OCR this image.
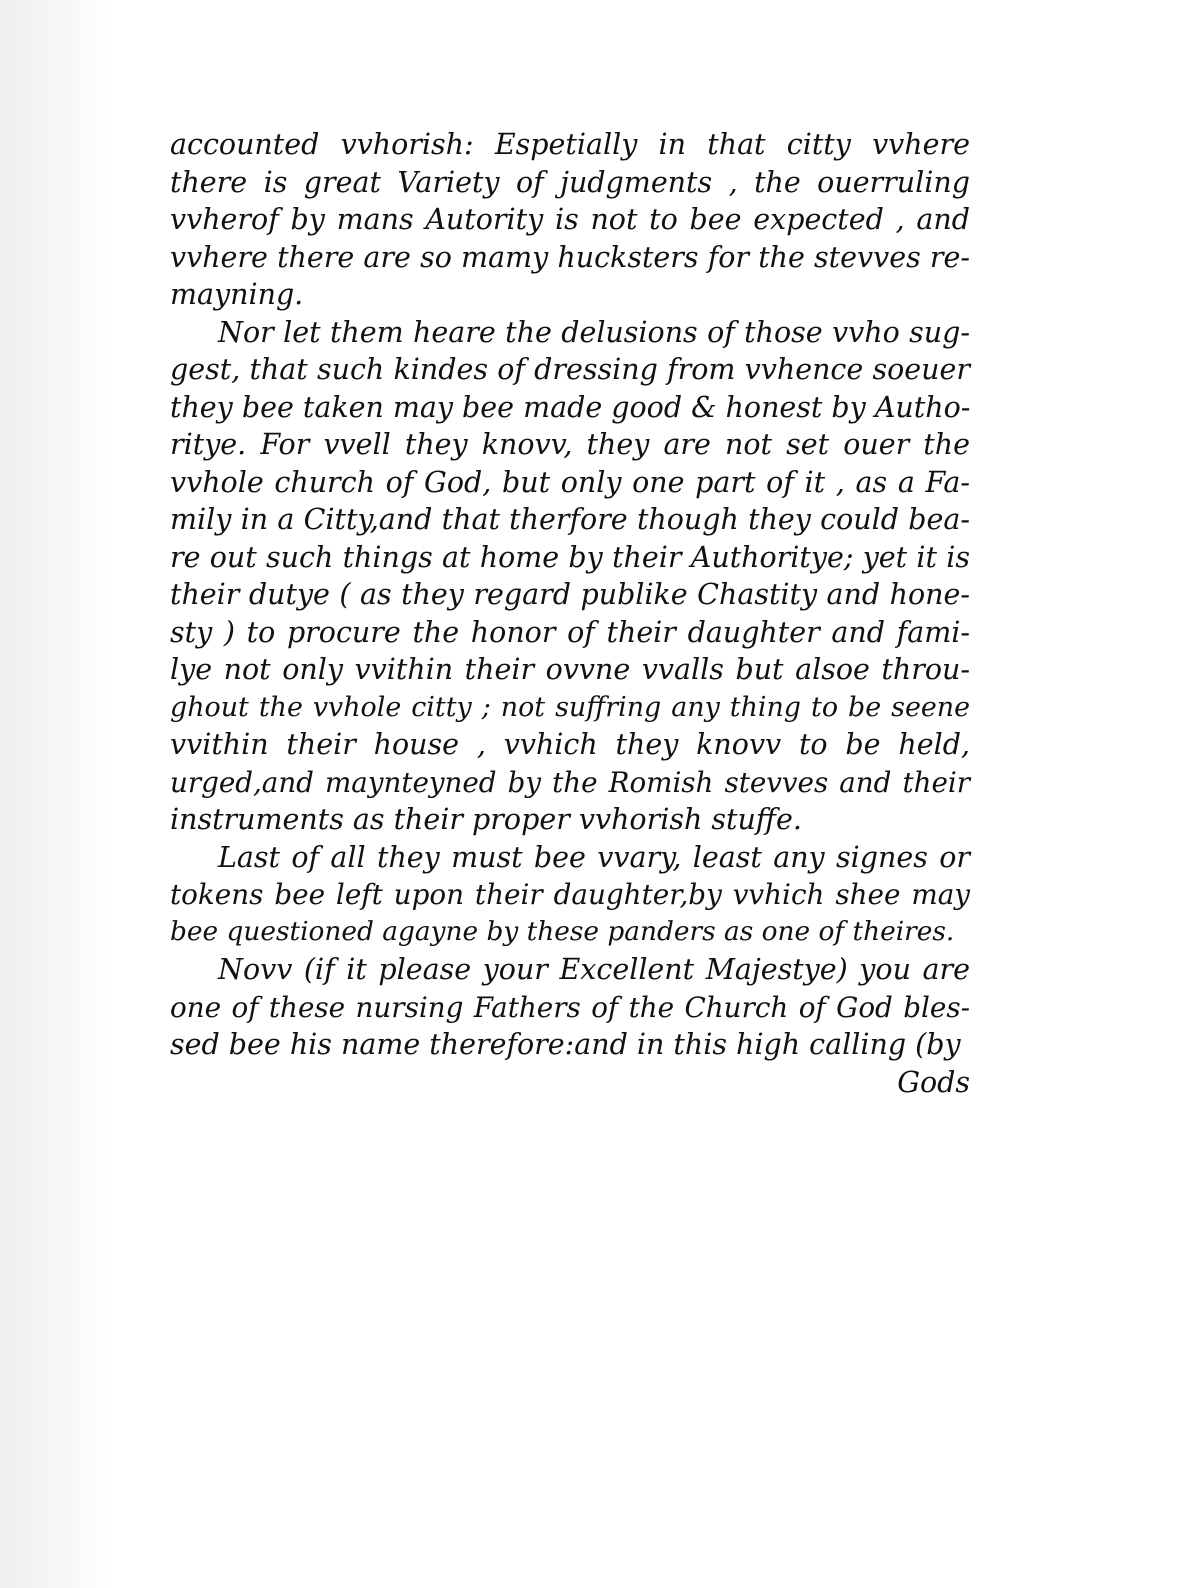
accounted vvhorish: Espetially in that citty vvhere
there is great Variety of judgments , the ouerruling
vvherof by mans Autority is not to bee expected , and
vvhere there are so mamy hucksters for the stevves re-
mayning.
Nor let them heare the delusions of those vvho sug-
gest, that such kindes of dressing from vvhence soeuer
they bee taken may bee made good & honest by Autho-
ritye. For vvell they knovv, they are not set ouer the
vvhole church of God, but only one part of it , as a Fa-
mily in a Citty,and that therfore though they could bea-
re out such things at home by their Authoritye; yet it is
their dutye ( as they regard publike Chastity and hone-
sty ) to procure the honor of their daughter and fami-
lye not only vvithin their ovvne vvalls but alsoe throu-
ghout the vvhole citty ; not suffring any thing to be seene
vvithin their house , vvhich they knovv to be held,
urged,and maynteyned by the Romish stevves and their
instruments as their proper vvhorish stuffe.
Last of all they must bee vvary, least any signes or
tokens bee left upon their daughter,by vvhich shee may
bee questioned agayne by these panders as one of theires.
Novv (if it please your Excellent Majestye) you are
one of these nursing Fathers of the Church of God bles-
sed bee his name therefore:and in this high calling (by
Gods
